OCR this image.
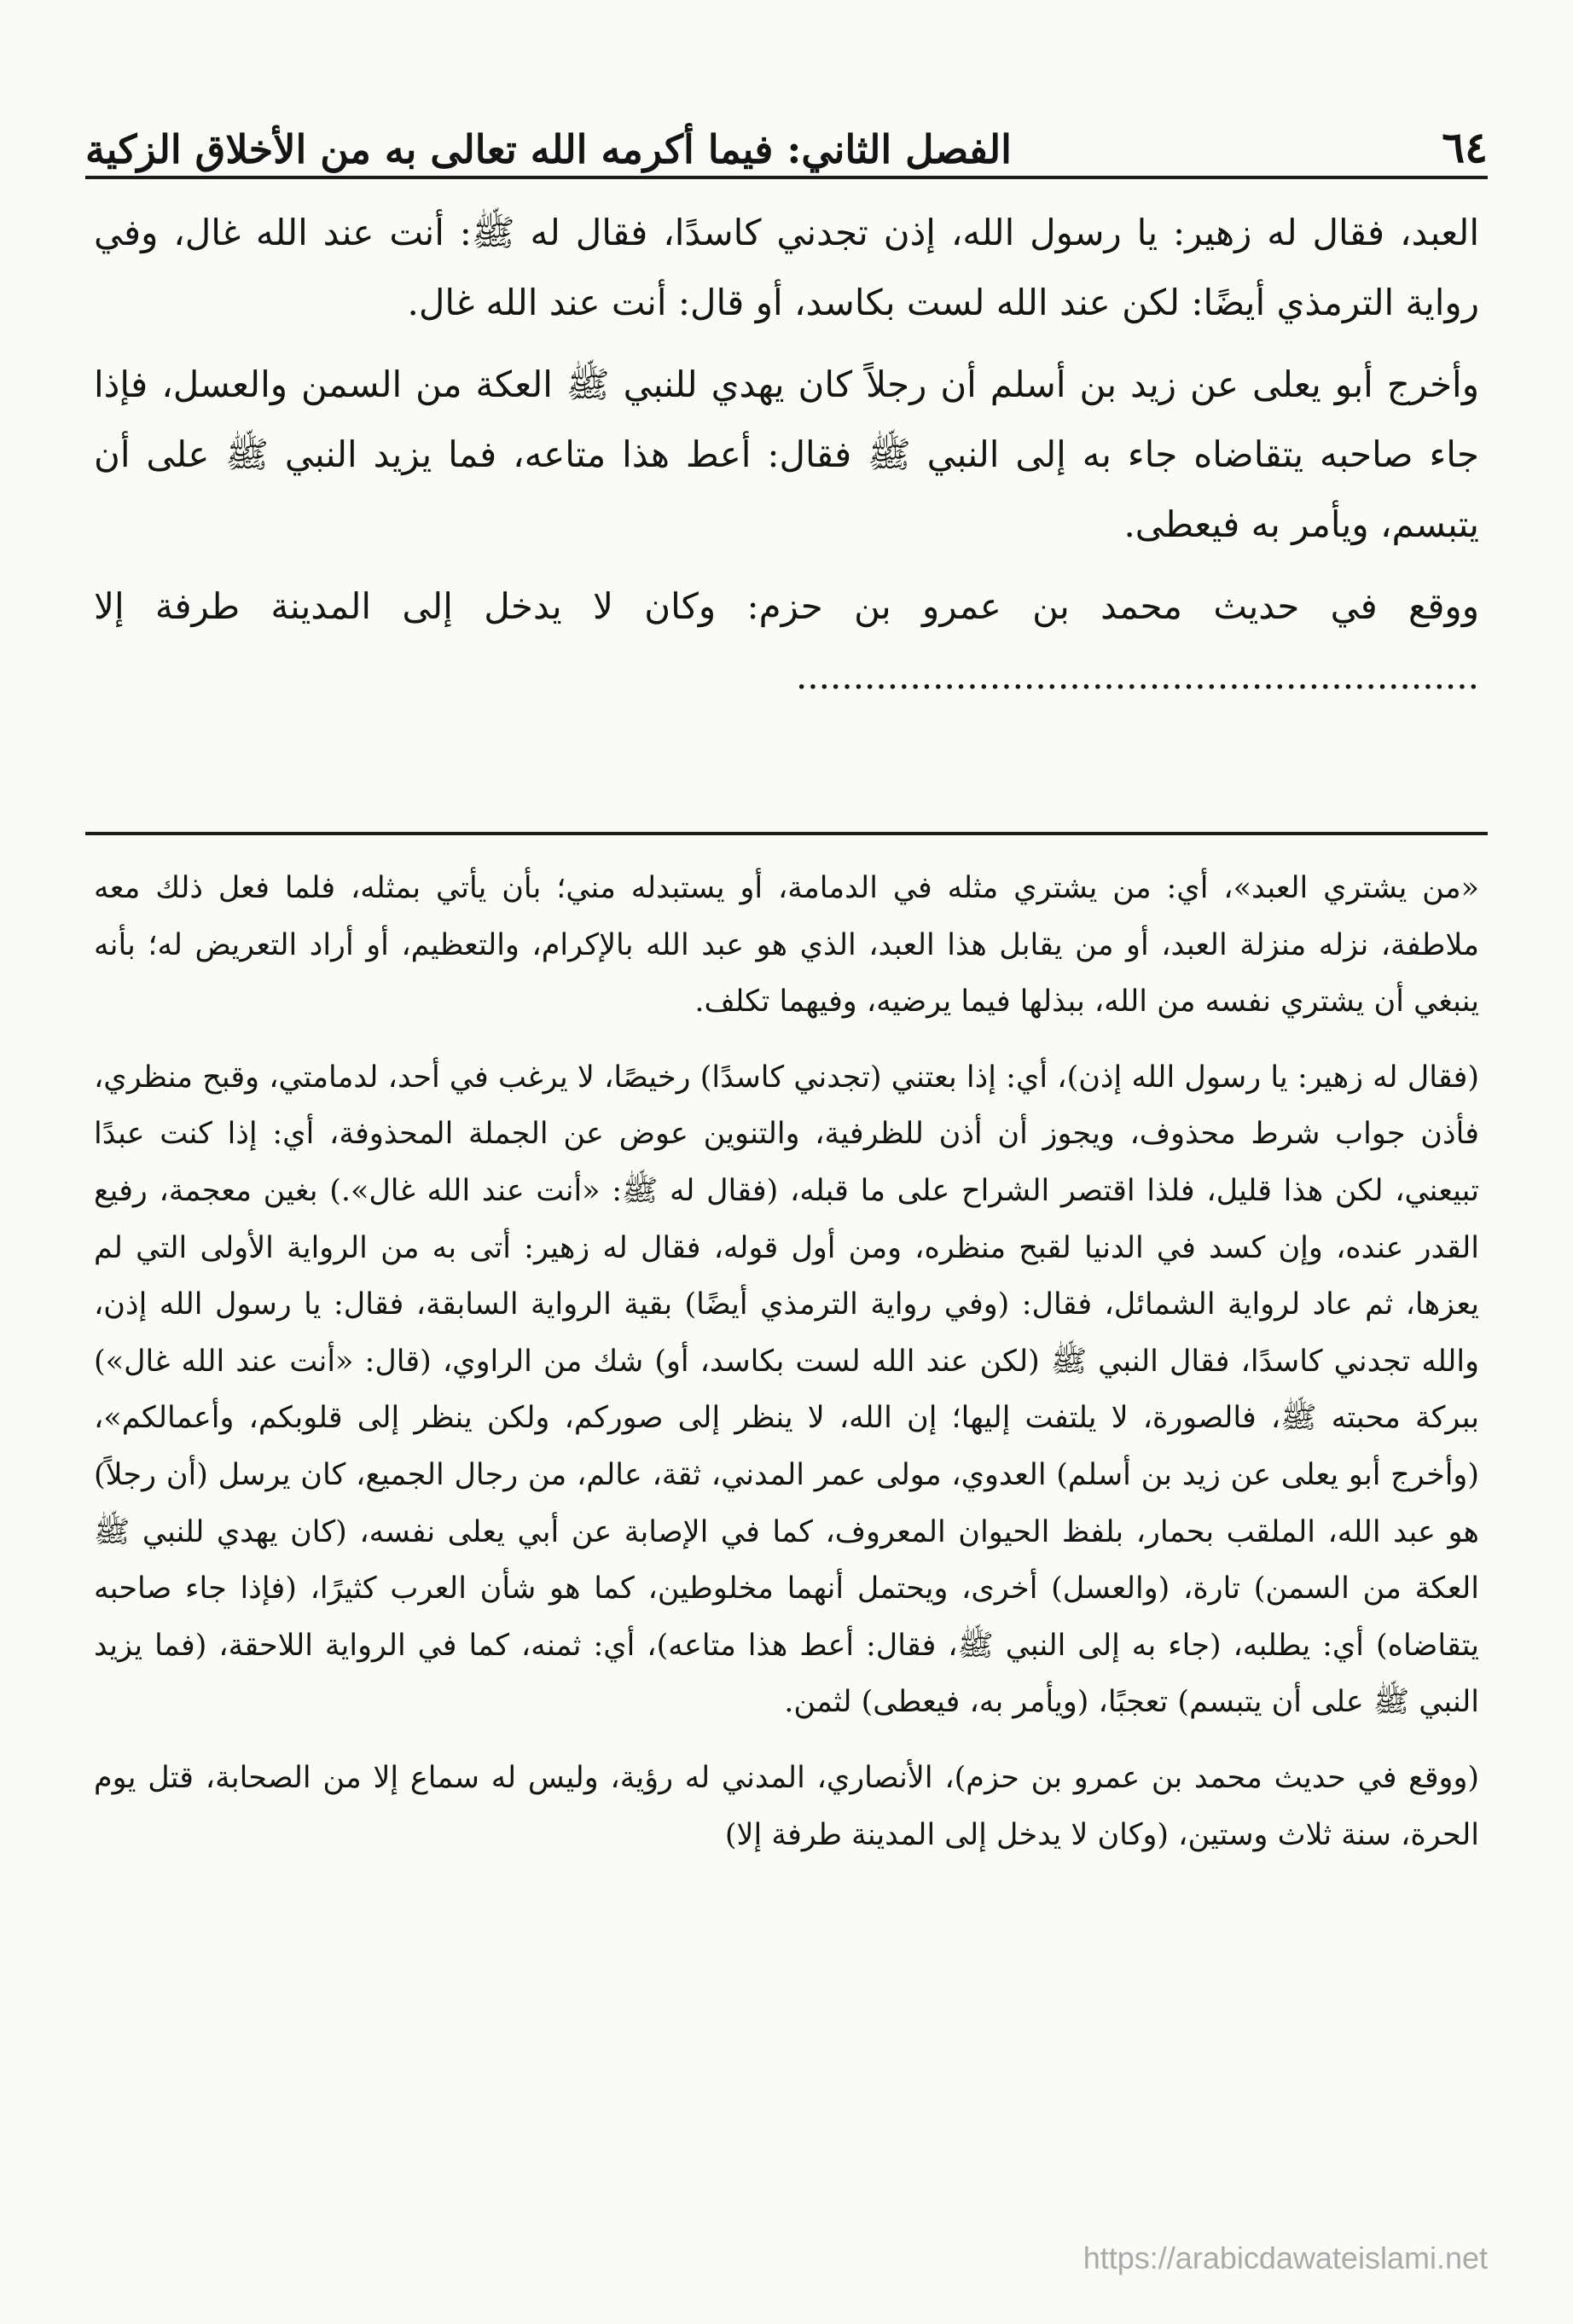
٦٤
الفصل الثاني: فيما أكرمه الله تعالى به من الأخلاق الزكية

العبد، فقال له زهير: يا رسول الله، إذن تجدني كاسدًا، فقال له ﷺ: أنت عند الله غال، وفي رواية الترمذي أيضًا: لكن عند الله لست بكاسد، أو قال: أنت عند الله غال.

وأخرج أبو يعلى عن زيد بن أسلم أن رجلاً كان يهدي للنبي ﷺ العكة من السمن والعسل، فإذا جاء صاحبه يتقاضاه جاء به إلى النبي ﷺ فقال: أعط هذا متاعه، فما يزيد النبي ﷺ على أن يتبسم، ويأمر به فيعطى.

ووقع في حديث محمد بن عمرو بن حزم: وكان لا يدخل إلى المدينة طرفة إلا ............................................................

«من يشتري العبد»، أي: من يشتري مثله في الدمامة، أو يستبدله مني؛ بأن يأتي بمثله، فلما فعل ذلك معه ملاطفة، نزله منزلة العبد، أو من يقابل هذا العبد، الذي هو عبد الله بالإكرام، والتعظيم، أو أراد التعريض له؛ بأنه ينبغي أن يشتري نفسه من الله، ببذلها فيما يرضيه، وفيهما تكلف.

(فقال له زهير: يا رسول الله إذن)، أي: إذا بعتني (تجدني كاسدًا) رخيصًا، لا يرغب في أحد، لدمامتي، وقبح منظري، فأذن جواب شرط محذوف، ويجوز أن أذن للظرفية، والتنوين عوض عن الجملة المحذوفة، أي: إذا كنت عبدًا تبيعني، لكن هذا قليل، فلذا اقتصر الشراح على ما قبله، (فقال له ﷺ: «أنت عند الله غال».) بغين معجمة، رفيع القدر عنده، وإن كسد في الدنيا لقبح منظره، ومن أول قوله، فقال له زهير: أتى به من الرواية الأولى التي لم يعزها، ثم عاد لرواية الشمائل، فقال: (وفي رواية الترمذي أيضًا) بقية الرواية السابقة، فقال: يا رسول الله إذن، والله تجدني كاسدًا، فقال النبي ﷺ (لكن عند الله لست بكاسد، أو) شك من الراوي، (قال: «أنت عند الله غال») ببركة محبته ﷺ، فالصورة، لا يلتفت إليها؛ إن الله، لا ينظر إلى صوركم، ولكن ينظر إلى قلوبكم، وأعمالكم»، (وأخرج أبو يعلى عن زيد بن أسلم) العدوي، مولى عمر المدني، ثقة، عالم، من رجال الجميع، كان يرسل (أن رجلاً) هو عبد الله، الملقب بحمار، بلفظ الحيوان المعروف، كما في الإصابة عن أبي يعلى نفسه، (كان يهدي للنبي ﷺ العكة من السمن) تارة، (والعسل) أخرى، ويحتمل أنهما مخلوطين، كما هو شأن العرب كثيرًا، (فإذا جاء صاحبه يتقاضاه) أي: يطلبه، (جاء به إلى النبي ﷺ، فقال: أعط هذا متاعه)، أي: ثمنه، كما في الرواية اللاحقة، (فما يزيد النبي ﷺ على أن يتبسم) تعجبًا، (ويأمر به، فيعطى) لثمن.

(ووقع في حديث محمد بن عمرو بن حزم)، الأنصاري، المدني له رؤية، وليس له سماع إلا من الصحابة، قتل يوم الحرة، سنة ثلاث وستين، (وكان لا يدخل إلى المدينة طرفة إلا)

https://arabicdawateislami.net
